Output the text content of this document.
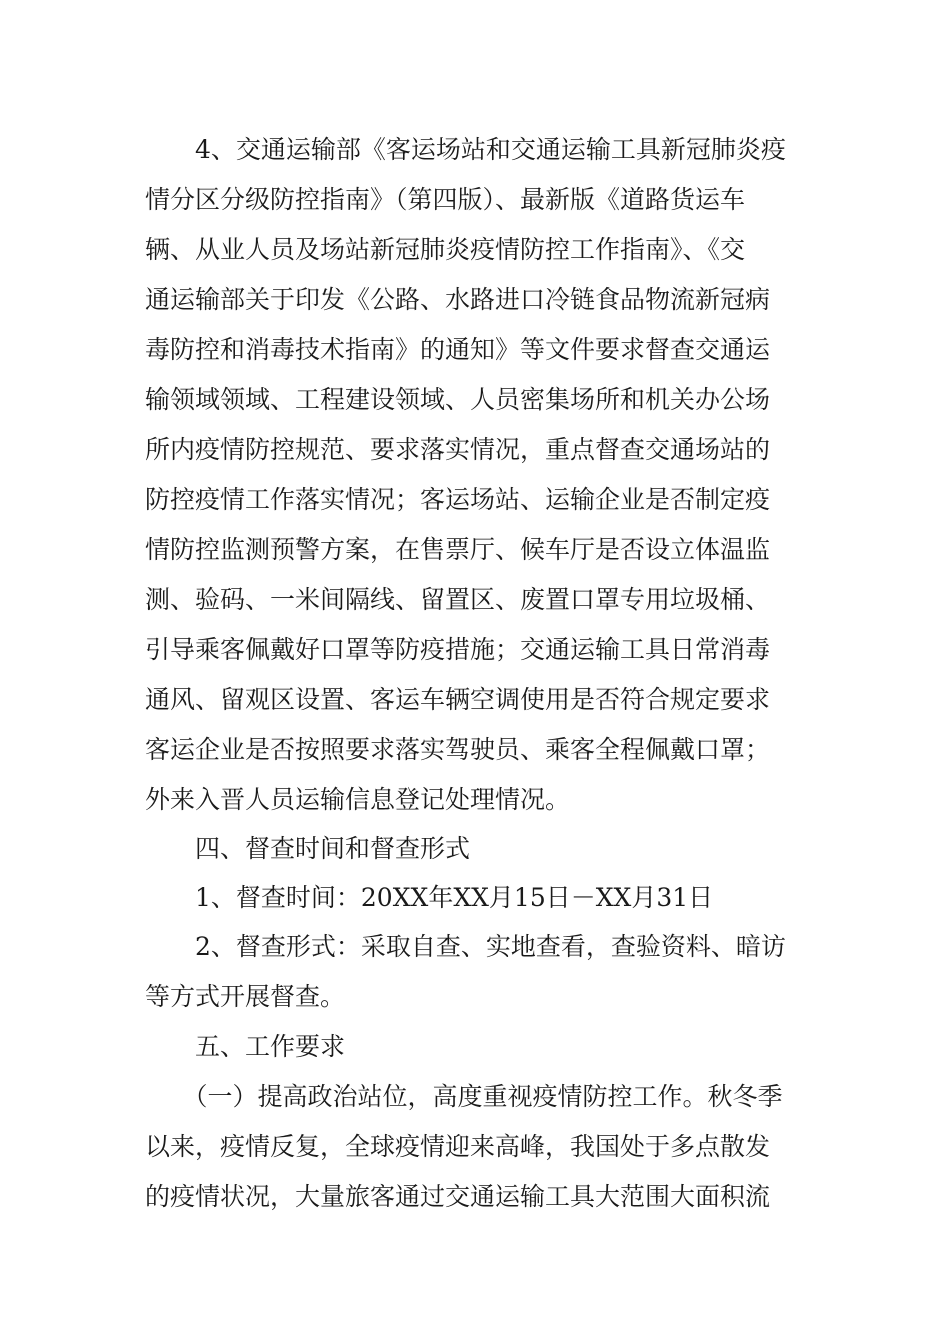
　　4、交通运输部《客运场站和交通运输工具新冠肺炎疫
情分区分级防控指南》（第四版）、最新版《道路货运车
辆、从业人员及场站新冠肺炎疫情防控工作指南》、《交
通运输部关于印发《公路、水路进口冷链食品物流新冠病
毒防控和消毒技术指南》的通知》等文件要求督查交通运
输领域领域、工程建设领域、人员密集场所和机关办公场
所内疫情防控规范、要求落实情况，重点督查交通场站的
防控疫情工作落实情况；客运场站、运输企业是否制定疫
情防控监测预警方案，在售票厅、候车厅是否设立体温监
测、验码、一米间隔线、留置区、废置口罩专用垃圾桶、
引导乘客佩戴好口罩等防疫措施；交通运输工具日常消毒
通风、留观区设置、客运车辆空调使用是否符合规定要求
客运企业是否按照要求落实驾驶员、乘客全程佩戴口罩；
外来入晋人员运输信息登记处理情况。
　　四、督查时间和督查形式
　　1、督查时间：20XX年XX月15日－XX月31日
　　2、督查形式：采取自查、实地查看，查验资料、暗访
等方式开展督查。
　　五、工作要求
　　（一）提高政治站位，高度重视疫情防控工作。秋冬季
以来，疫情反复，全球疫情迎来高峰，我国处于多点散发
的疫情状况，大量旅客通过交通运输工具大范围大面积流
